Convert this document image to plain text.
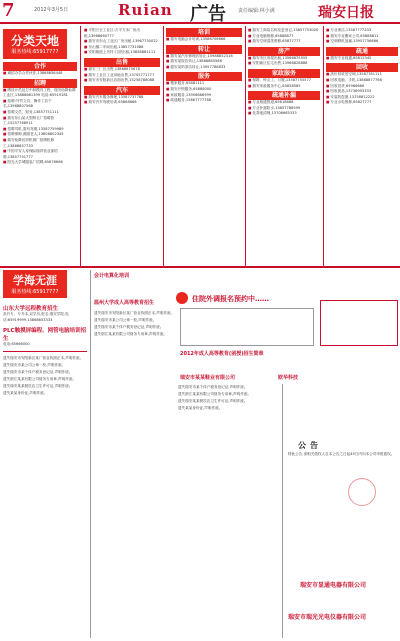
7	2012年3月5日	Ruian 广告 责任编辑:林小满	瑞安日报
分类天地
服务热线:65917777
合作
■ 诚招办学合作伙伴,13868656448
招聘
■ 聘设计员及打中和模具工程、瑞安仙降仙降工业区,13868661399 电话:65919181
■ 招聘:外贸文员、操作工若干名,13968807568
■ 招聘文员、财务,13857751111
■ 瑞安东山某大型制衣厂招聘普工,15257768911
■ 招聘司机,需有驾照,13587759989
■ 招聘保姆,照顾老人,13806802345
■ 瑞安仙降纺织机械厂招聘机修工,13868657733
■ 中国平安人寿保险瑞祥营业部招聘,13857751777
■ 阳光大学城服装厂招聘,65676666
■ 平阳万全工业区:万平方米厂房出租,13968660777
■ 瑞安市东山工业区厂房出租,13967730022
■ 东山镇二车间出租,13857731088
■ 安阳街道上坊村:门面出租,13858881111
出售
■ 瑞安三厂区出售,13868675678
■ 瑞安工业区工业用地出售,13705771777
■ 瑞安市安阳新区店面出售,15258788088
汽车
■ 瑞安汽车服务修理,13587737788
■ 瑞安汽车驾驶培训,65868666
培训
■ 瑞安电脑会计培训,13586706666
转让
■ 瑞安某汽车修理店转让,15988852316
■ 瑞安某饭店转让,13868685566
■ 瑞安某奶茶店转让,13957788833
服务
■ 搬家服务,65881111
■ 瑞安开锁服务,65888000
■ 家政服务,13906666999
■ 疏通服务,15867777788
■ 瑞安工商局名称变更登记,13857753000
■ 专业电脑维修,65888877
■ 瑞安空调清洗维修,65877777
房产
■ 瑞安市区房屋出租,13566675555
■ 安阳新区住宅出售,13968828888
家政服务
■ 保姆、钟点工、月嫂,13587755577
■ 瑞安家政服务中心,65858585
疏通补漏
■ 专业疏通管道,65618888
■ 专业补漏防水,13857788999
■ 化粪池清理,13706665333
■ 专业保洁,13587777333
■ 瑞安专业搬家公司,65888811
■ 空调移机加氟,13957756666
疏通
■ 瑞安专业疏通,65812345
回收
■ 高价回收旧空调,13587781111
■ 回收电脑、手机,13868877766
■ 回收旧货,65966666
■ 回收废品,13736993333
■ 安装防盗窗,13758812222
■ 专业水电维修,65827777
学海无涯
服务热线:65917777
山东大学远程教育招生
高升专、专升本,双学历,报名:瑞安学院,电话:65919999,13868653333
PLC触摸屏编程、网管电脑培训招生
电话:65666000
遗失瑞安市安阳新区某厂营业执照正本,声明作废。
遗失瑞安市某公司公章一枚,声明作废。
遗失瑞安市某个体户税务登记证,声明作废。
遗失浙江某某有限公司财务专用章,声明作废。
遗失瑞安某某餐饮店卫生许可证,声明作废。
遗失某某身份证,声明作废。
会计电算化培训
温州大学成人高等教育招生
遗失瑞安市安阳新区某厂营业执照正本,声明作废。
遗失瑞安市某公司公章一枚,声明作废。
遗失瑞安市某个体户税务登记证,声明作废。
遗失浙江某某有限公司财务专用章,声明作废。
住院外调报名预约中……
2012年成人高等教育(函授)招生简章
瑞安市某某鞋业有限公司	欧华科技
遗失瑞安市某个体户税务登记证,声明作废。
遗失浙江某某有限公司财务专用章,声明作废。
遗失瑞安某某餐饮店卫生许可证,声明作废。
遗失某某身份证,声明作废。
公告
特此公告,请相关债权人自本公告之日起45日内向本公司申报债权。
瑞安市显通电器有限公司
瑞安市瑞光光电仪器有限公司
